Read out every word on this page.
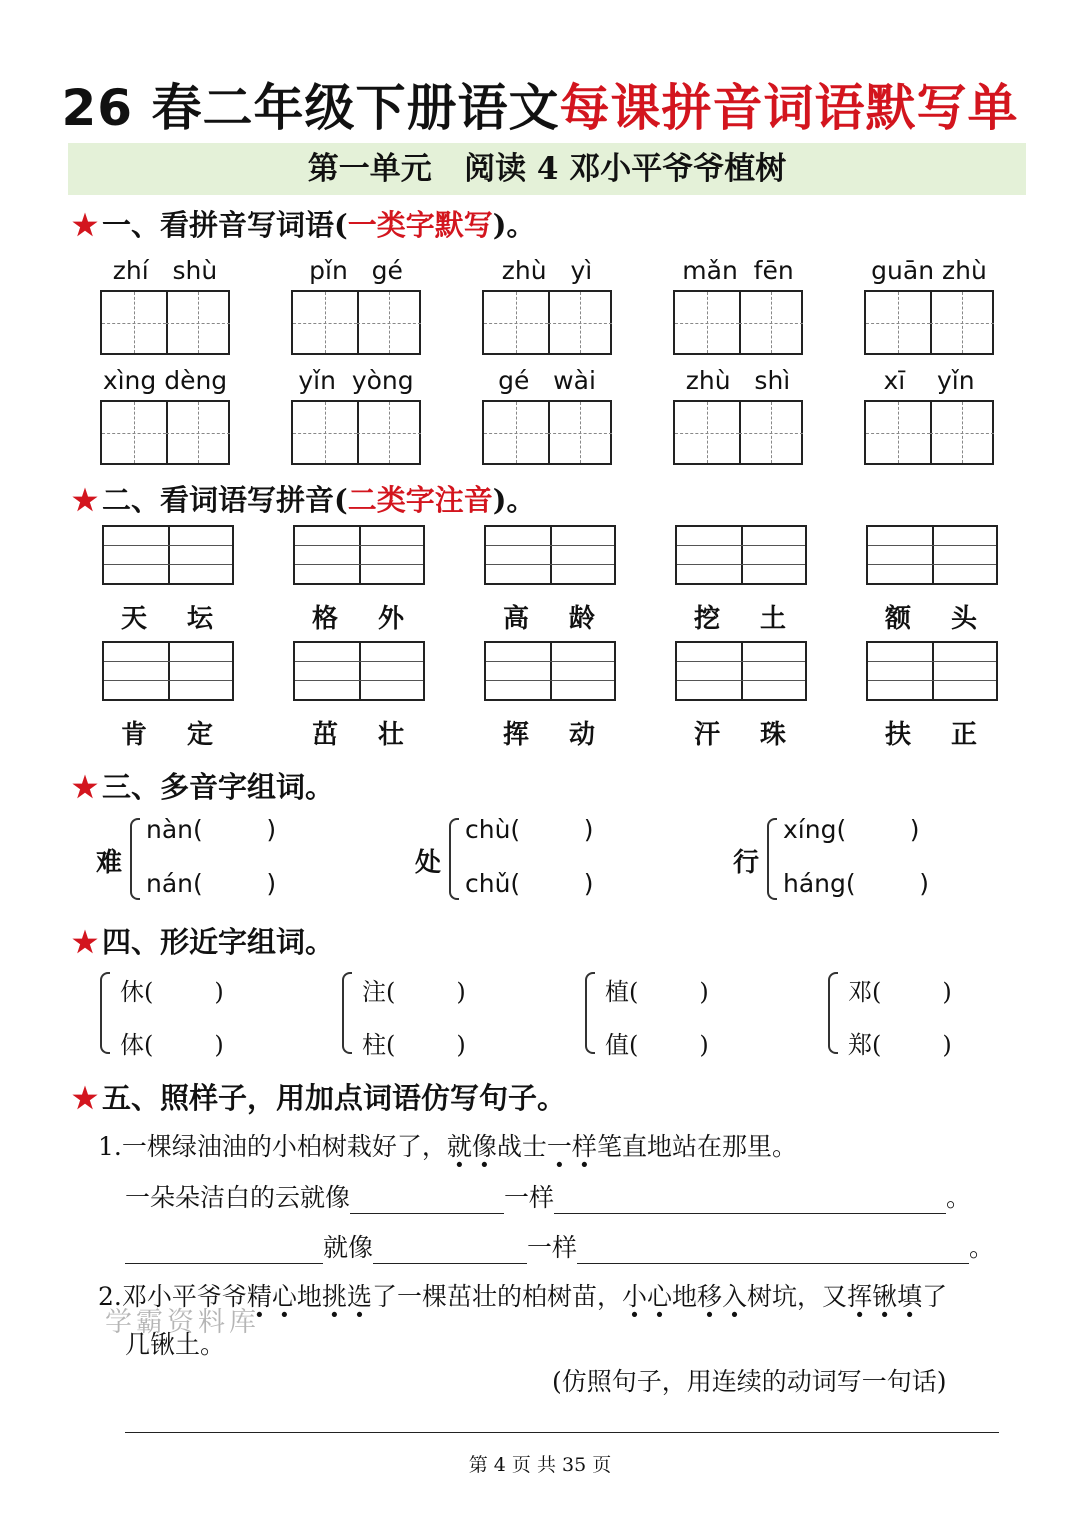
26 春二年级下册语文每课拼音词语默写单
第一单元   阅读 4 邓小平爷爷植树
★ 一、看拼音写词语(一类字默写)。
zhí   shù	pǐn   gé	zhù   yì	mǎn  fēn	guān zhù
xìng dèng	yǐn  yòng	gé   wài	zhù   shì	xī    yǐn
★ 二、看词语写拼音(二类字注音)。
天 坛	格 外	高 龄	挖 土	额 头
肯 定	茁 壮	挥 动	汗 珠	扶 正
★ 三、多音字组词。
难
nàn(        )
nán(        )
处
chù(        )
chǔ(        )
行
xíng(        )
háng(        )
★ 四、形近字组词。
休(        )
体(        )
注(        )
柱(        )
植(        )
值(        )
邓(        )
郑(        )
★ 五、照样子，用加点词语仿写句子。
1.一棵绿油油的小柏树栽好了，就像战士一样笔直地站在那里。
一朵朵洁白的云就像	一样	。
就像	一样	。
2.邓小平爷爷精心地挑选了一棵茁壮的柏树苗，小心地移入树坑，又挥锹填了
几锹土。
(仿照句子，用连续的动词写一句话)
学霸资料库
第 4 页 共 35 页
